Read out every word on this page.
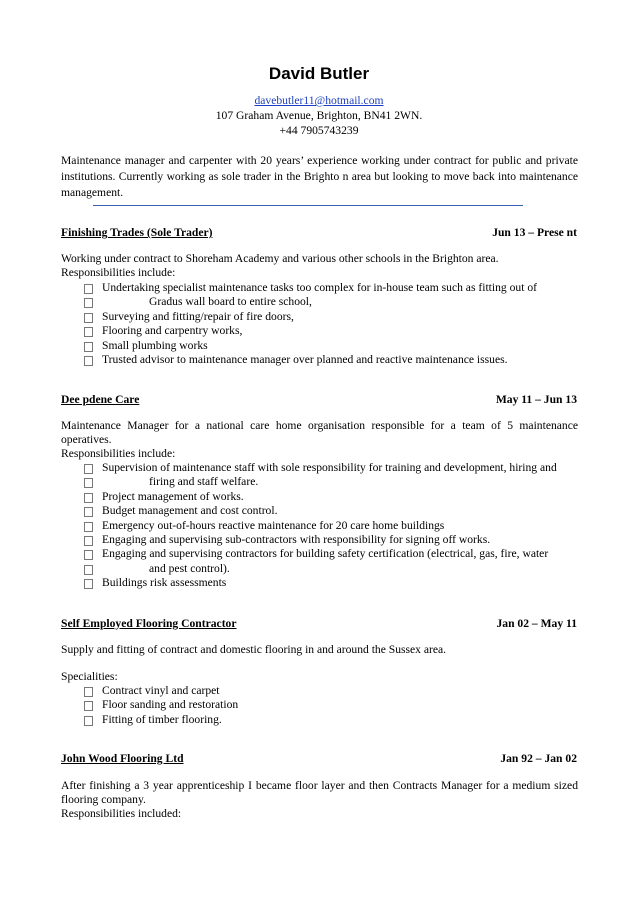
David Butler
davebutler11@hotmail.com
107 Graham Avenue, Brighton, BN41 2WN.
+44 7905743239
Maintenance manager and carpenter with 20 years’ experience working under contract for public and private institutions. Currently working as sole trader in the Brighto n area but looking to move back into maintenance management.
Finishing Trades (Sole Trader)	Jun 13 – Prese nt
Working under contract to Shoreham Academy and various other schools in the Brighton area.
Responsibilities include:
Undertaking specialist maintenance tasks too complex for in-house team such as fitting out of
Gradus wall board to entire school,
Surveying and fitting/repair of fire doors,
Flooring and carpentry works,
Small plumbing works
Trusted advisor to maintenance manager over planned and reactive maintenance issues.
Dee pdene Care	May 11 – Jun 13
Maintenance Manager for a national care home organisation responsible for a team of 5 maintenance operatives.
Responsibilities include:
Supervision of maintenance staff with sole responsibility for training and development, hiring and
firing and staff welfare.
Project management of works.
Budget management and cost control.
Emergency out-of-hours reactive maintenance for 20 care home buildings
Engaging and supervising sub-contractors with responsibility for signing off works.
Engaging and supervising contractors for building safety certification (electrical, gas, fire, water
and pest control).
Buildings risk assessments
Self Employed Flooring Contractor	Jan 02 – May 11
Supply and fitting of contract and domestic flooring in and around the Sussex area.
Specialities:
Contract vinyl and carpet
Floor sanding and restoration
Fitting of timber flooring.
John Wood Flooring Ltd	Jan 92 – Jan 02
After finishing a 3 year apprenticeship I became floor layer and then Contracts Manager for a medium sized flooring company.
Responsibilities included:
